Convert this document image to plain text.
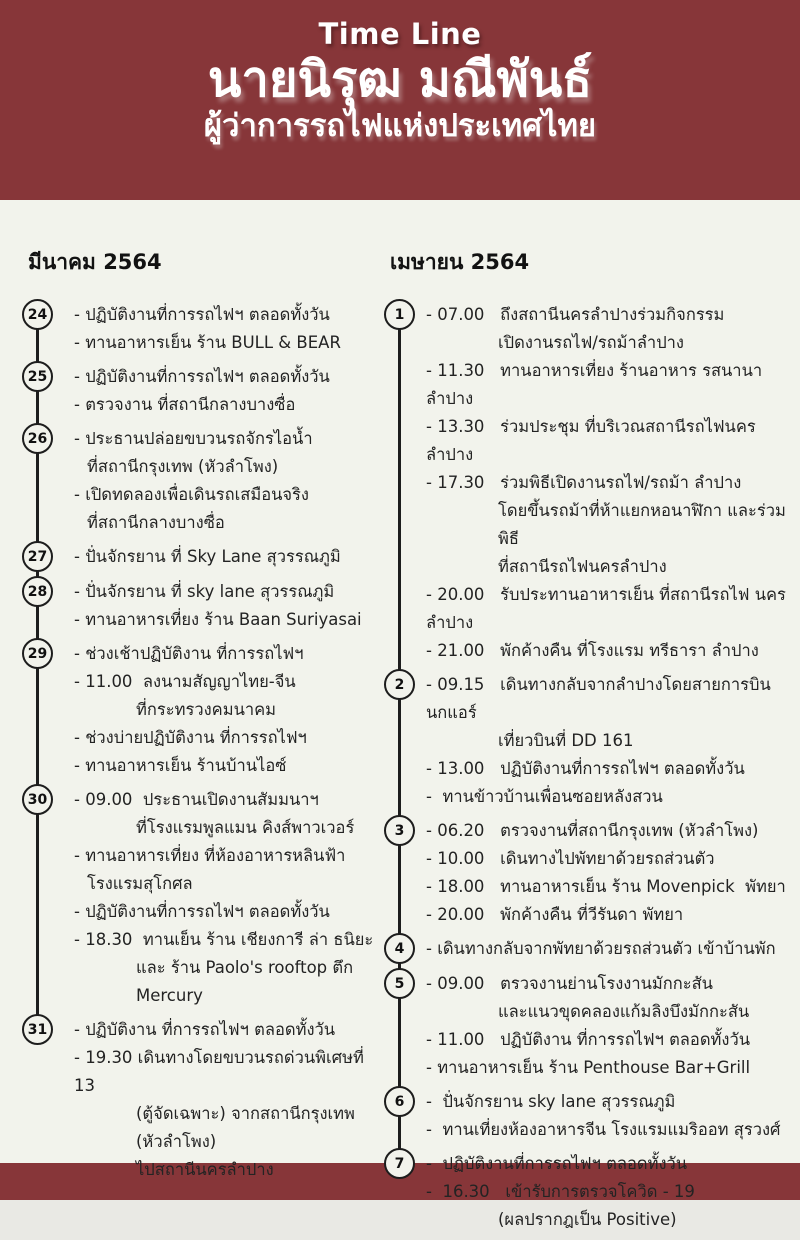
Time Line
นายนิรุฒ มณีพันธ์
ผู้ว่าการรถไฟแห่งประเทศไทย
มีนาคม 2564
24	- ปฏิบัติงานที่การรถไฟฯ ตลอดทั้งวัน
- ทานอาหารเย็น ร้าน BULL & BEAR
25	- ปฏิบัติงานที่การรถไฟฯ ตลอดทั้งวัน
- ตรวจงาน ที่สถานีกลางบางซื่อ
26	- ประธานปล่อยขบวนรถจักรไอน้ำ
ที่สถานีกรุงเทพ (หัวลำโพง)
- เปิดทดลองเพื่อเดินรถเสมือนจริง
ที่สถานีกลางบางซื่อ
27	- ปั่นจักรยาน ที่ Sky Lane สุวรรณภูมิ
28	- ปั่นจักรยาน ที่ sky lane สุวรรณภูมิ
- ทานอาหารเที่ยง ร้าน Baan Suriyasai
29	- ช่วงเช้าปฏิบัติงาน ที่การรถไฟฯ
- 11.00  ลงนามสัญญาไทย-จีน
ที่กระทรวงคมนาคม
- ช่วงบ่ายปฏิบัติงาน ที่การรถไฟฯ
- ทานอาหารเย็น ร้านบ้านไอซ์
30	- 09.00  ประธานเปิดงานสัมมนาฯ
ที่โรงแรมพูลแมน คิงส์พาวเวอร์
- ทานอาหารเที่ยง ที่ห้องอาหารหลินฟ้า
โรงแรมสุโกศล
- ปฏิบัติงานที่การรถไฟฯ ตลอดทั้งวัน
- 18.30  ทานเย็น ร้าน เชียงการี ล่า ธนิยะ
และ ร้าน Paolo's rooftop ตึก Mercury
31	- ปฏิบัติงาน ที่การรถไฟฯ ตลอดทั้งวัน
- 19.30 เดินทางโดยขบวนรถด่วนพิเศษที่ 13
(ตู้จัดเฉพาะ) จากสถานีกรุงเทพ (หัวลำโพง)
ไปสถานีนครลำปาง
เมษายน 2564
1	- 07.00   ถึงสถานีนครลำปางร่วมกิจกรรม
เปิดงานรถไฟ/รถม้าลำปาง
- 11.30   ทานอาหารเที่ยง ร้านอาหาร รสนานา   ลำปาง
- 13.30   ร่วมประชุม ที่บริเวณสถานีรถไฟนครลำปาง
- 17.30   ร่วมพิธีเปิดงานรถไฟ/รถม้า ลำปาง
โดยขึ้นรถม้าที่ห้าแยกหอนาฬิกา และร่วมพิธี
ที่สถานีรถไฟนครลำปาง
- 20.00   รับประทานอาหารเย็น ที่สถานีรถไฟ นครลำปาง
- 21.00   พักค้างคืน ที่โรงแรม ทรีธารา ลำปาง
2	- 09.15   เดินทางกลับจากลำปางโดยสายการบินนกแอร์
เที่ยวบินที่ DD 161
- 13.00   ปฏิบัติงานที่การรถไฟฯ ตลอดทั้งวัน
-  ทานข้าวบ้านเพื่อนซอยหลังสวน
3	- 06.20   ตรวจงานที่สถานีกรุงเทพ (หัวลำโพง)
- 10.00   เดินทางไปพัทยาด้วยรถส่วนตัว
- 18.00   ทานอาหารเย็น ร้าน Movenpick  พัทยา
- 20.00   พักค้างคืน ที่วีรันดา พัทยา
4	- เดินทางกลับจากพัทยาด้วยรถส่วนตัว เข้าบ้านพัก
5	- 09.00   ตรวจงานย่านโรงงานมักกะสัน
และแนวขุดคลองแก้มลิงบึงมักกะสัน
- 11.00   ปฏิบัติงาน ที่การรถไฟฯ ตลอดทั้งวัน
- ทานอาหารเย็น ร้าน Penthouse Bar+Grill
6	-  ปั่นจักรยาน sky lane สุวรรณภูมิ
-  ทานเที่ยงห้องอาหารจีน โรงแรมแมริออท สุรวงศ์
7	-  ปฏิบัติงานที่การรถไฟฯ ตลอดทั้งวัน
-  16.30   เข้ารับการตรวจโควิด - 19
(ผลปรากฎเป็น Positive)
